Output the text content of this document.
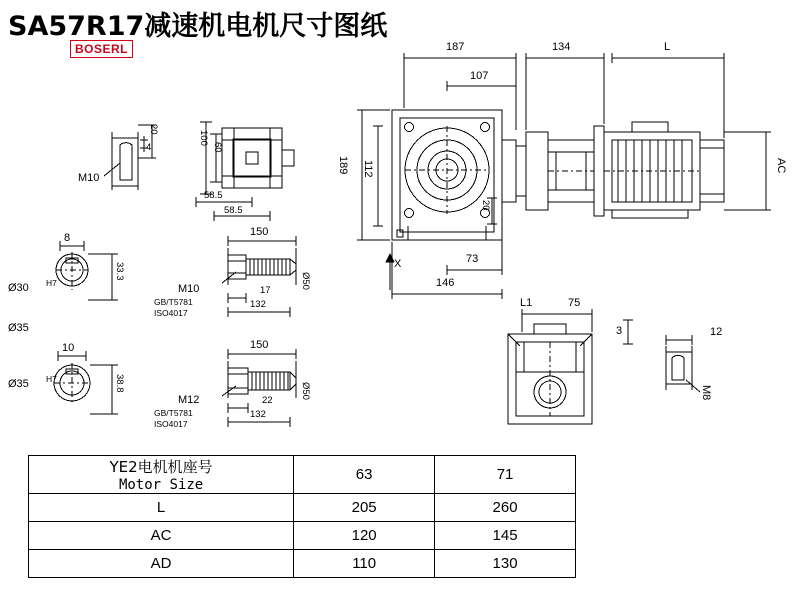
SA57R17减速机电机尺寸图纸
BOSERL
20
4
M10
100
60
58.5
58.5
8
Ø30 H7
33.3
Ø35
10
Ø35 H7	38.8
150
M10
GB/T5781
ISO4017
17
132
Ø50
150
M12
GB/T5781
ISO4017
22
132
Ø50
187
107
134	L
189 112
20
AC
73
146
X
L1	75
3	12
M8
YE2电机机座号
Motor Size	63	71
L	205	260
AC	120	145
AD	110	130
